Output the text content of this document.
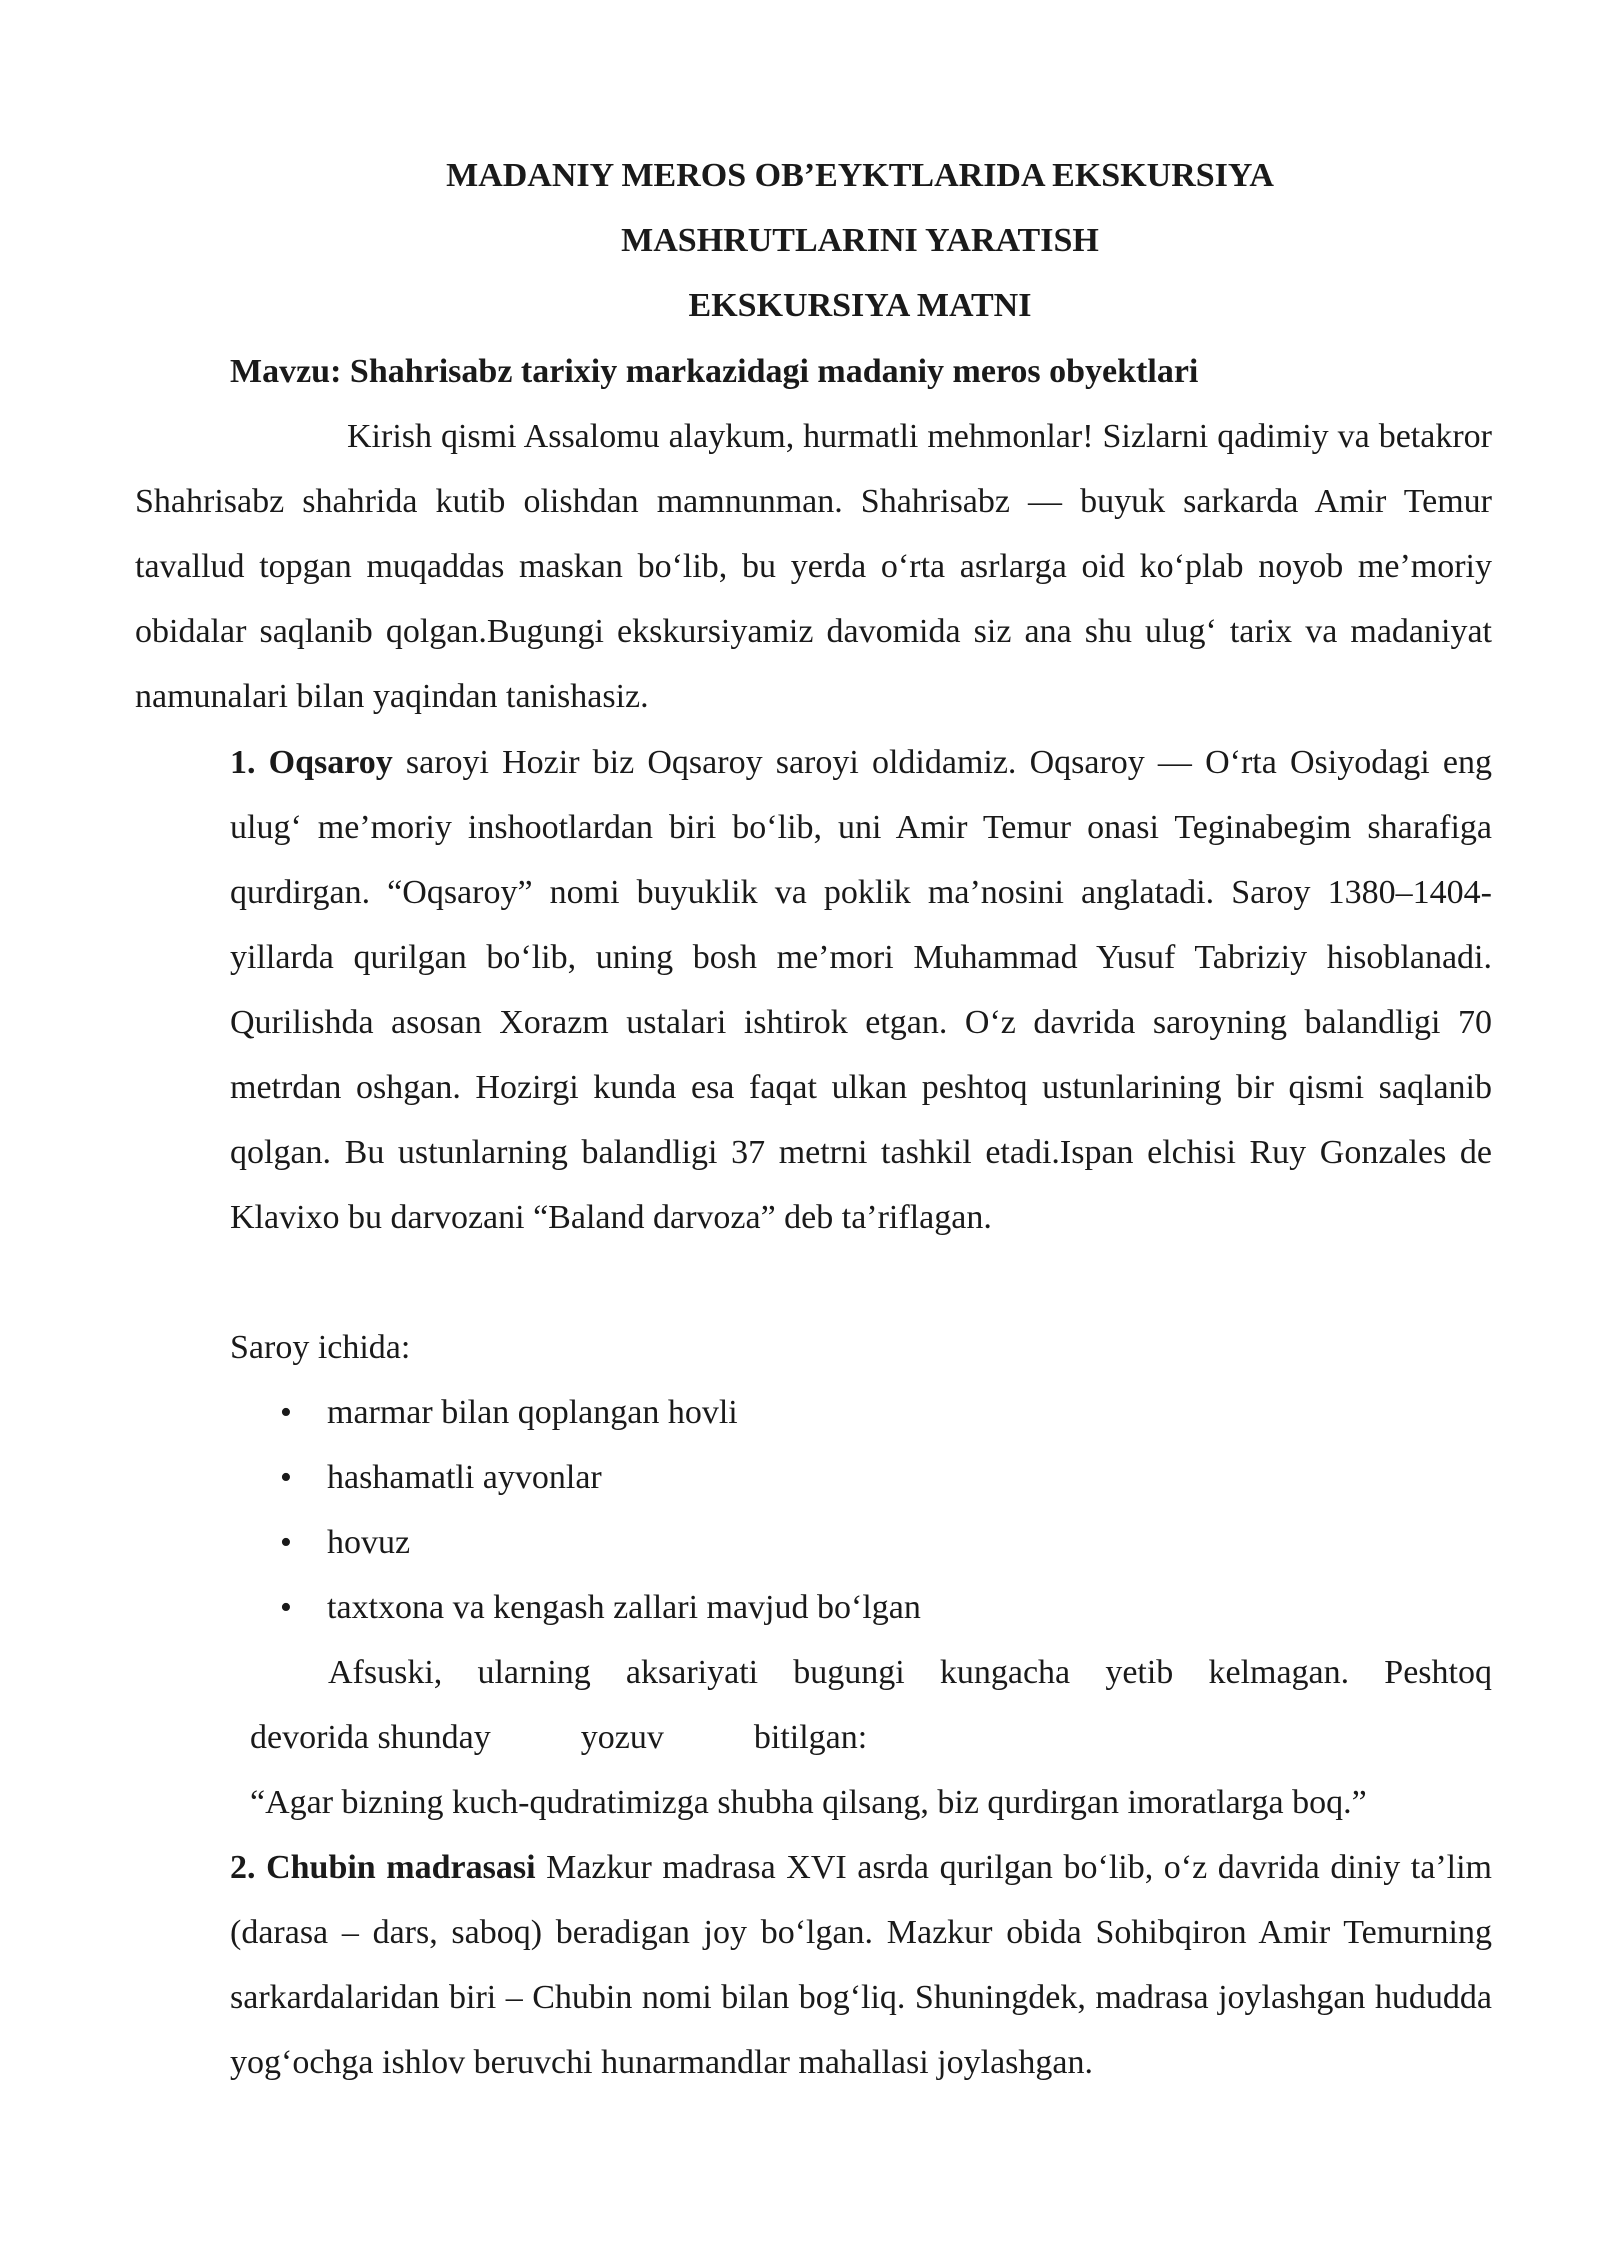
MADANIY MEROS OB’EYKTLARIDA EKSKURSIYA
MASHRUTLARINI YARATISH
EKSKURSIYA MATNI
Mavzu: Shahrisabz tarixiy markazidagi madaniy meros obyektlari

Kirish qismi Assalomu alaykum, hurmatli mehmonlar! Sizlarni qadimiy va betakror Shahrisabz shahrida kutib olishdan mamnunman. Shahrisabz — buyuk sarkarda Amir Temur tavallud topgan muqaddas maskan bo‘lib, bu yerda o‘rta asrlarga oid ko‘plab noyob me’moriy obidalar saqlanib qolgan.Bugungi ekskursiyamiz davomida siz ana shu ulug‘ tarix va madaniyat namunalari bilan yaqindan tanishasiz.

1. Oqsaroy saroyi Hozir biz Oqsaroy saroyi oldidamiz. Oqsaroy — O‘rta Osiyodagi eng ulug‘ me’moriy inshootlardan biri bo‘lib, uni Amir Temur onasi Teginabegim sharafiga qurdirgan. “Oqsaroy” nomi buyuklik va poklik ma’nosini anglatadi. Saroy 1380–1404-yillarda qurilgan bo‘lib, uning bosh me’mori Muhammad Yusuf Tabriziy hisoblanadi. Qurilishda asosan Xorazm ustalari ishtirok etgan. O‘z davrida saroyning balandligi 70 metrdan oshgan. Hozirgi kunda esa faqat ulkan peshtoq ustunlarining bir qismi saqlanib qolgan. Bu ustunlarning balandligi 37 metrni tashkil etadi.Ispan elchisi Ruy Gonzales de Klavixo bu darvozani “Baland darvoza” deb ta’riflagan.

Saroy ichida:
• marmar bilan qoplangan hovli
• hashamatli ayvonlar
• hovuz
• taxtxona va kengash zallari mavjud bo‘lgan

Afsuski, ularning aksariyati bugungi kungacha yetib kelmagan. Peshtoq

devorida shunday	yozuv	bitilgan:
“Agar bizning kuch-qudratimizga shubha qilsang, biz qurdirgan imoratlarga boq.”

2. Chubin madrasasi Mazkur madrasa XVI asrda qurilgan bo‘lib, o‘z davrida diniy ta’lim (darasa – dars, saboq) beradigan joy bo‘lgan. Mazkur obida Sohibqiron Amir Temurning sarkardalaridan biri – Chubin nomi bilan bog‘liq. Shuningdek, madrasa joylashgan hududda yog‘ochga ishlov beruvchi hunarmandlar mahallasi joylashgan.
